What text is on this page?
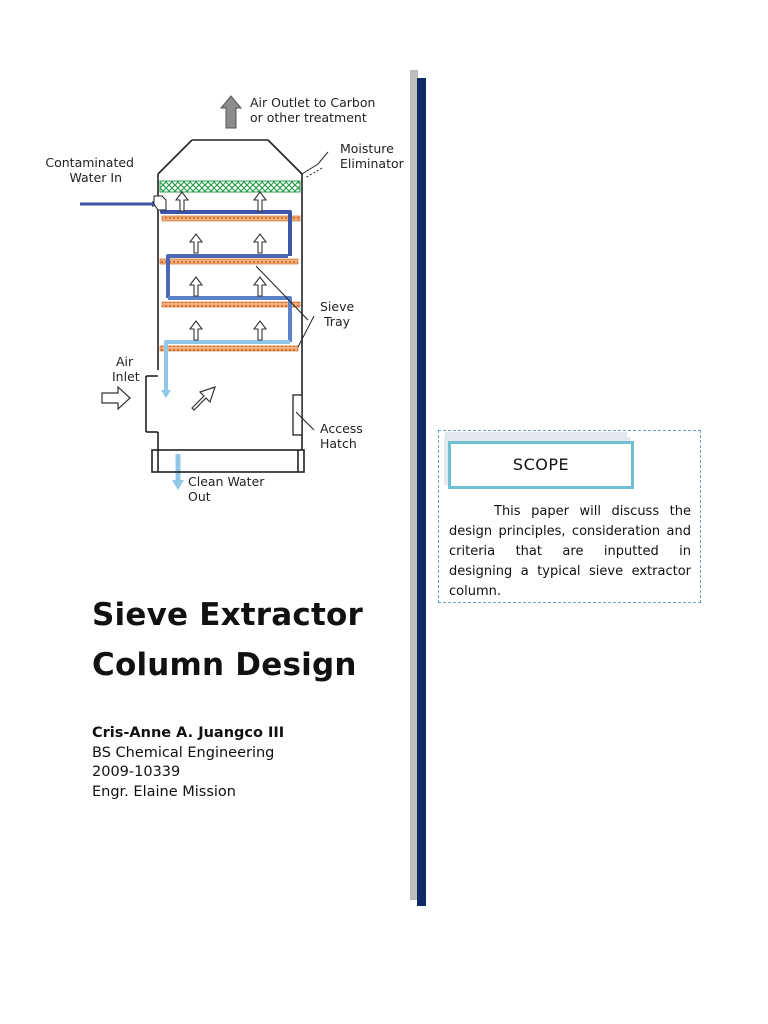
Air Outlet to Carbon or other treatment
Moisture Eliminator
Contaminated Water In
Sieve Tray
Air Inlet
Access Hatch
Clean Water Out
Sieve Extractor
Column Design
Cris-Anne A. Juangco III
BS Chemical Engineering
2009-10339
Engr. Elaine Mission
SCOPE

This paper will discuss the design principles, consideration and criteria that are inputted in designing a typical sieve extractor column.
